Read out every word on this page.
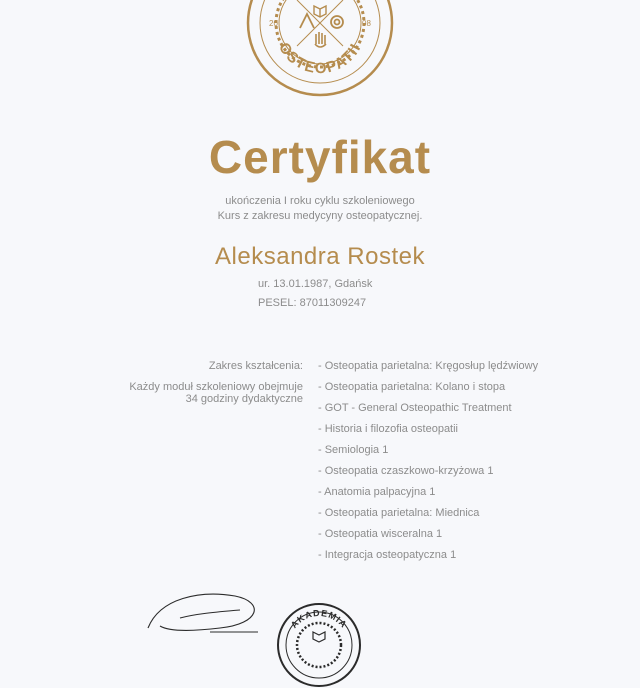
20	08
OSTEOPATII
Certyfikat
ukończenia I roku cyklu szkoleniowego
Kurs z zakresu medycyny osteopatycznej.
Aleksandra Rostek
ur. 13.01.1987, Gdańsk
PESEL: 87011309247
Zakres kształcenia:
Każdy moduł szkoleniowy obejmuje
34 godziny dydaktyczne
- Osteopatia parietalna: Kręgosłup lędźwiowy
- Osteopatia parietalna: Kolano i stopa
- GOT - General Osteopathic Treatment
- Historia i filozofia osteopatii
- Semiologia 1
- Osteopatia czaszkowo-krzyżowa 1
- Anatomia palpacyjna 1
- Osteopatia parietalna: Miednica
- Osteopatia wisceralna 1
- Integracja osteopatyczna 1
AKADEMIA
